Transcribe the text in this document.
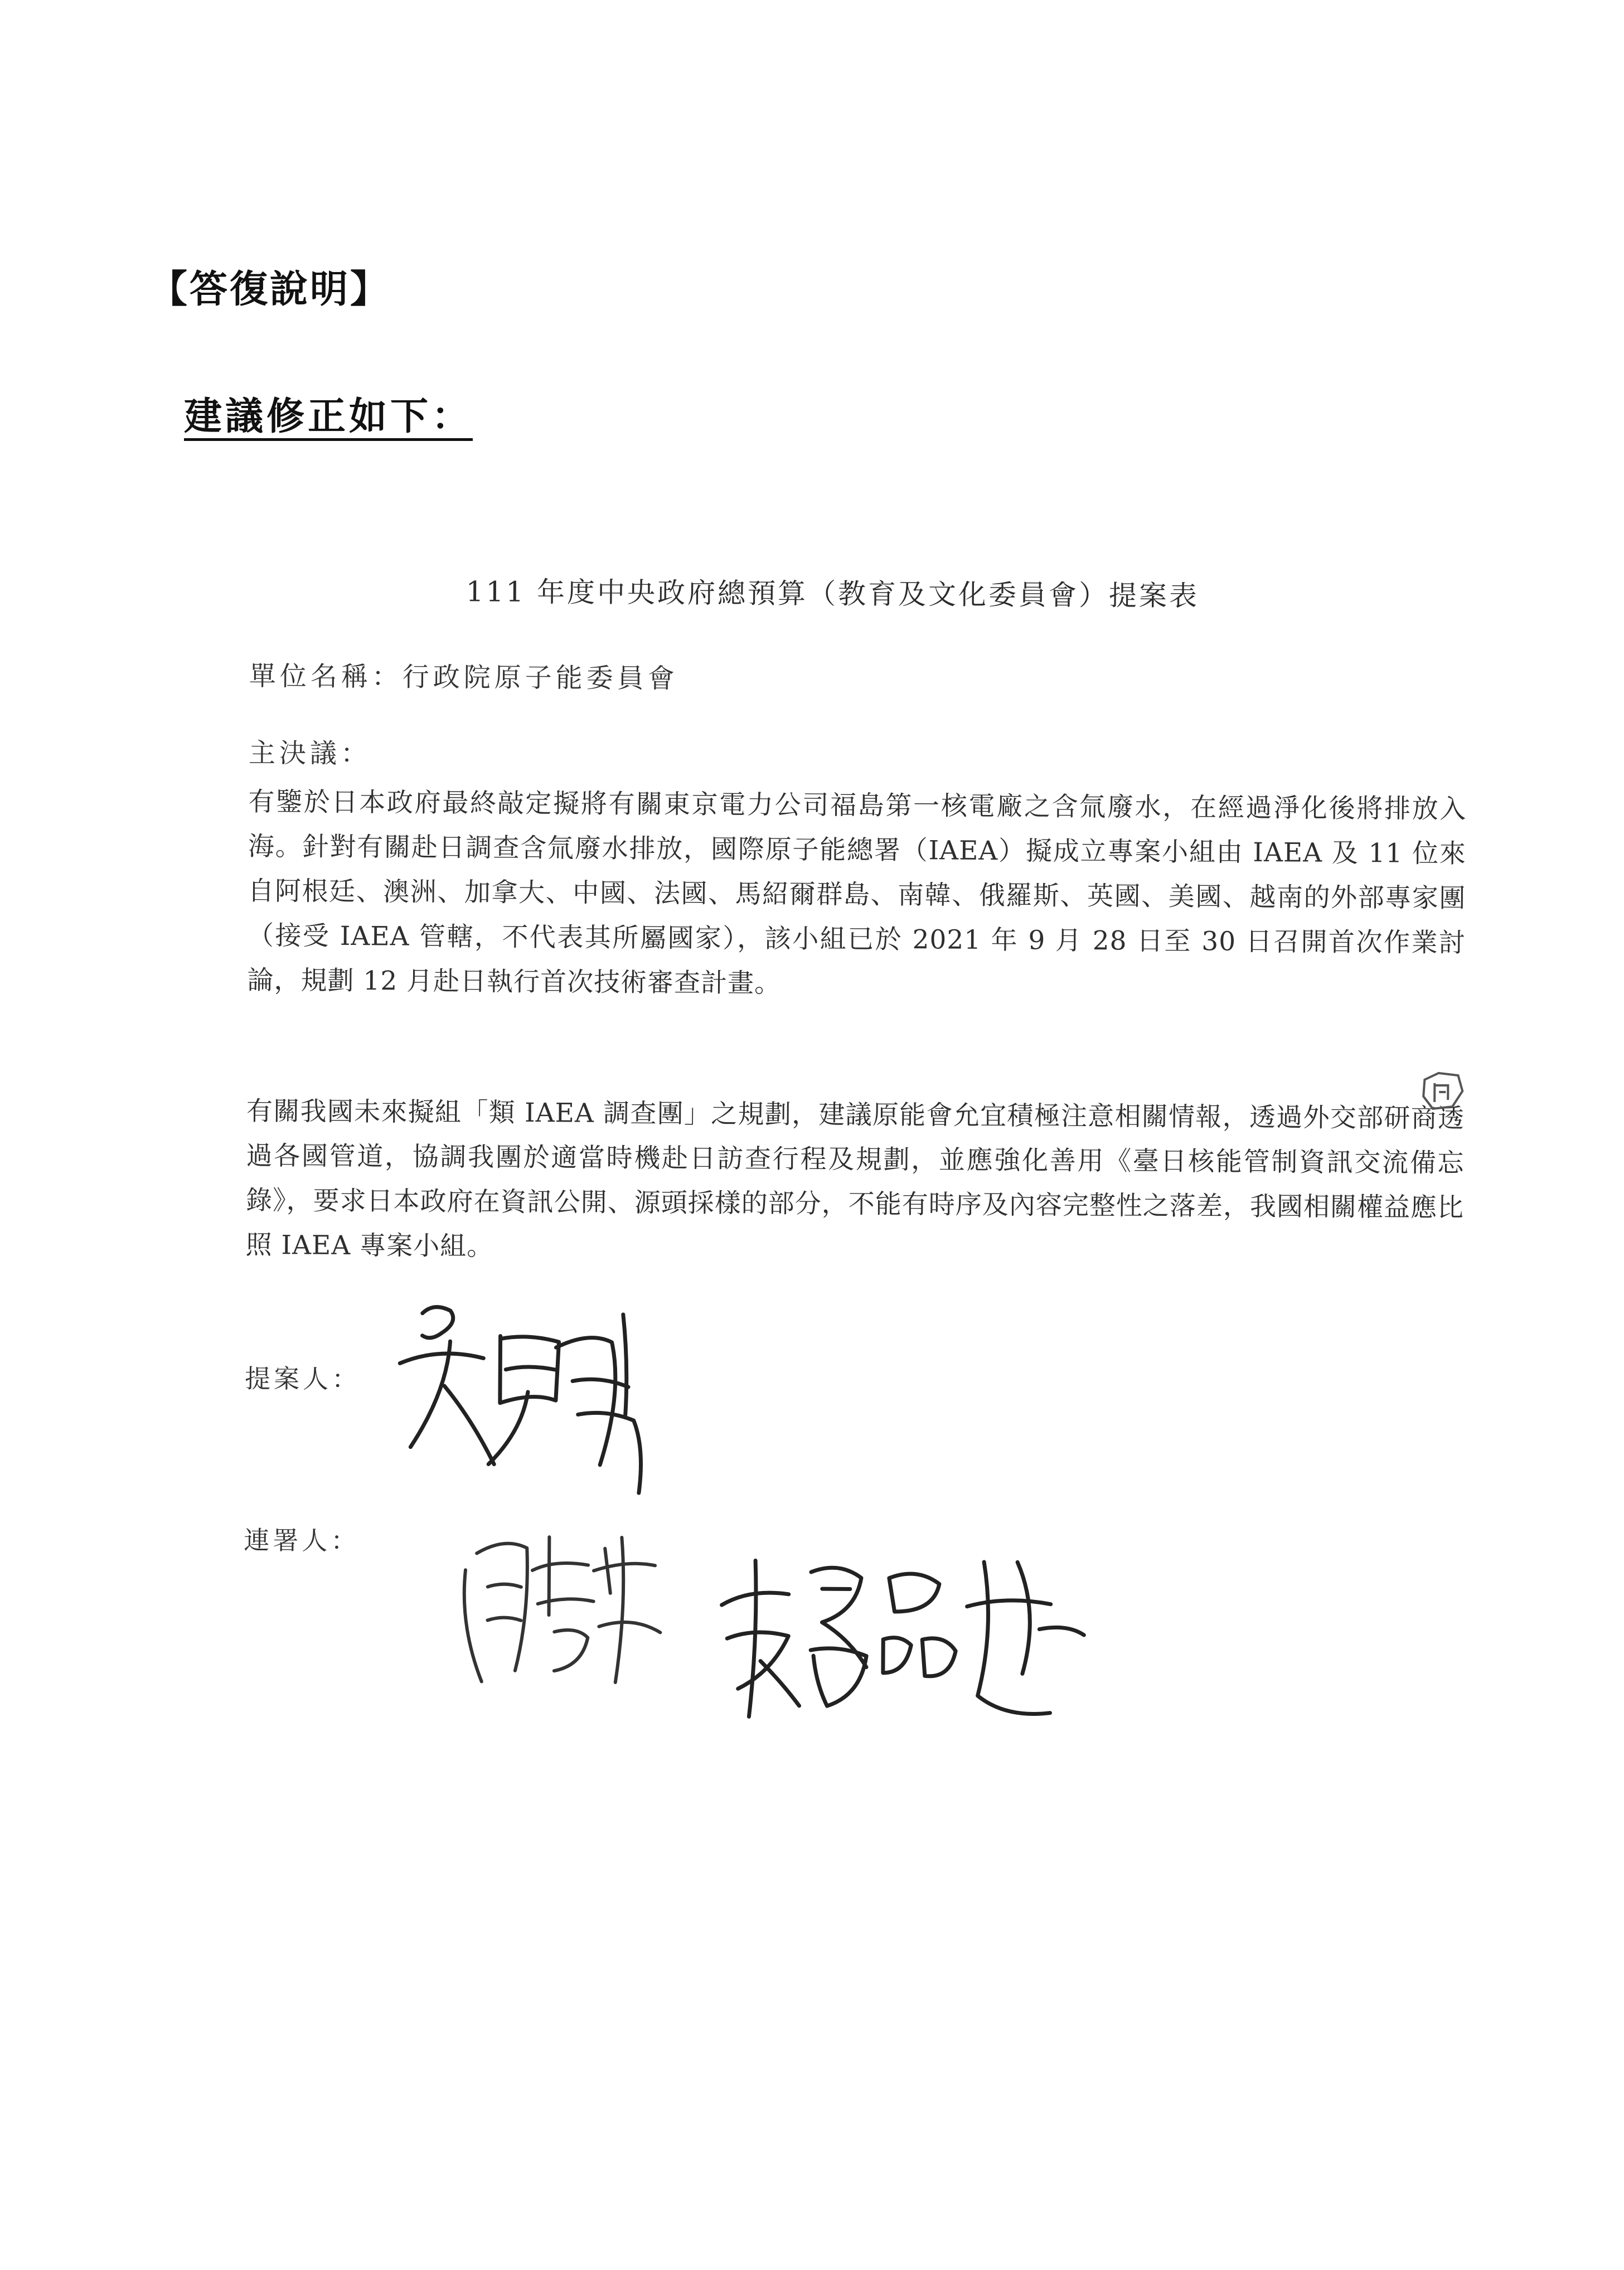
【答復說明】
建議修正如下：
111 年度中央政府總預算（教育及文化委員會）提案表
單位名稱：行政院原子能委員會
主決議：
有鑒於日本政府最終敲定擬將有關東京電力公司福島第一核電廠之含氚廢水，在經過淨化後將排放入海。針對有關赴日調查含氚廢水排放，國際原子能總署（IAEA）擬成立專案小組由 IAEA 及 11 位來自阿根廷、澳洲、加拿大、中國、法國、馬紹爾群島、南韓、俄羅斯、英國、美國、越南的外部專家團（接受 IAEA 管轄，不代表其所屬國家），該小組已於 2021 年 9 月 28 日至 30 日召開首次作業討論，規劃 12 月赴日執行首次技術審查計畫。
有關我國未來擬組「類 IAEA 調查團」之規劃，建議原能會允宜積極注意相關情報，透過外交部研商透過各國管道，協調我團於適當時機赴日訪查行程及規劃，並應強化善用《臺日核能管制資訊交流備忘錄》，要求日本政府在資訊公開、源頭採樣的部分，不能有時序及內容完整性之落差，我國相關權益應比照 IAEA 專案小組。
提案人：
連署人：
